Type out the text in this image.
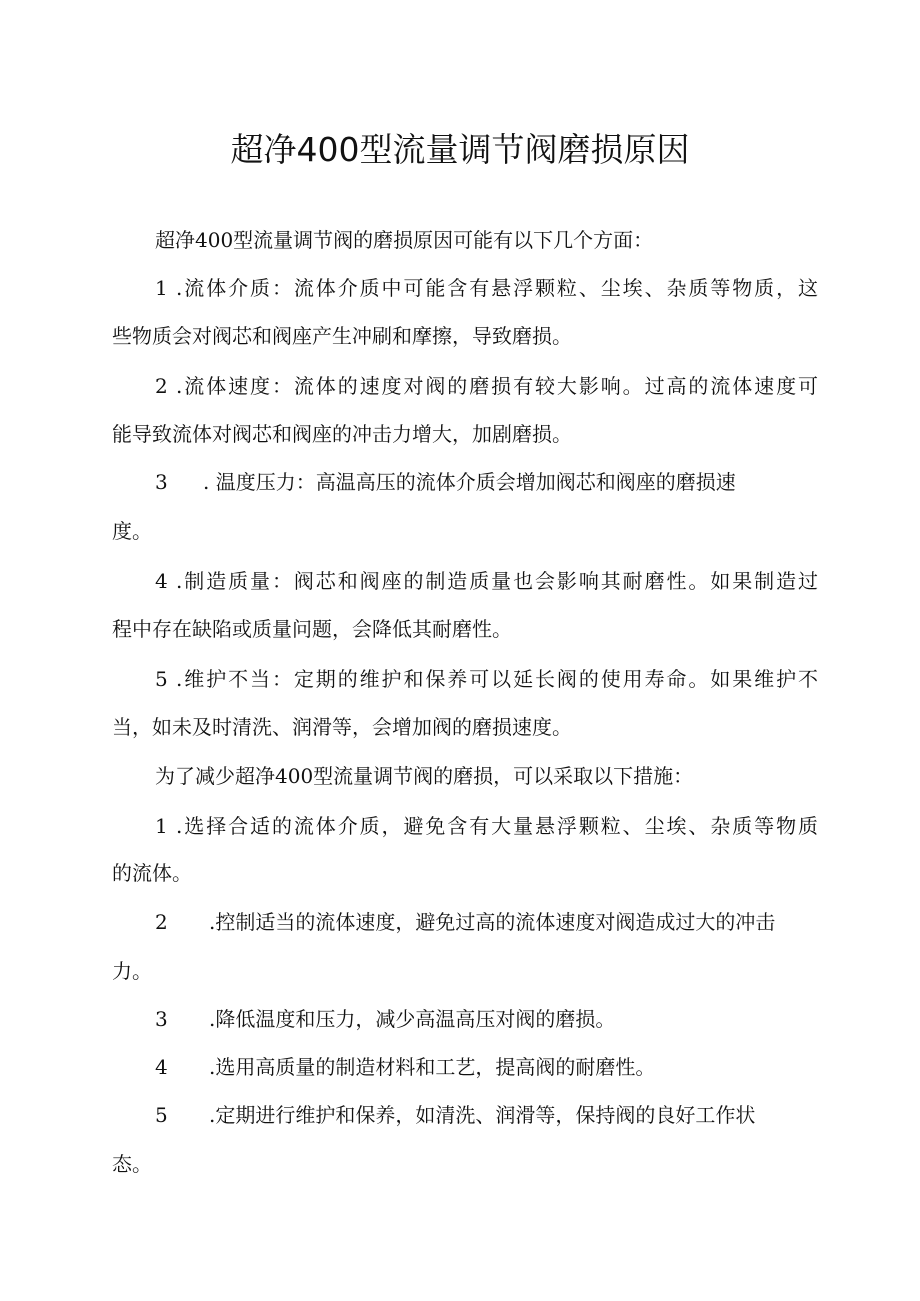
超净400型流量调节阀磨损原因
超净400型流量调节阀的磨损原因可能有以下几个方面：
1 .流体介质：流体介质中可能含有悬浮颗粒、尘埃、杂质等物质，这
些物质会对阀芯和阀座产生冲刷和摩擦，导致磨损。
2 .流体速度：流体的速度对阀的磨损有较大影响。过高的流体速度可
能导致流体对阀芯和阀座的冲击力增大，加剧磨损。
3 . 温度压力：高温高压的流体介质会增加阀芯和阀座的磨损速
度。
4 .制造质量：阀芯和阀座的制造质量也会影响其耐磨性。如果制造过
程中存在缺陷或质量问题，会降低其耐磨性。
5 .维护不当：定期的维护和保养可以延长阀的使用寿命。如果维护不
当，如未及时清洗、润滑等，会增加阀的磨损速度。
为了减少超净400型流量调节阀的磨损，可以采取以下措施：
1 .选择合适的流体介质，避免含有大量悬浮颗粒、尘埃、杂质等物质
的流体。
2 .控制适当的流体速度，避免过高的流体速度对阀造成过大的冲击
力。
3 .降低温度和压力，减少高温高压对阀的磨损。
4 .选用高质量的制造材料和工艺，提高阀的耐磨性。
5 .定期进行维护和保养，如清洗、润滑等，保持阀的良好工作状
态。
